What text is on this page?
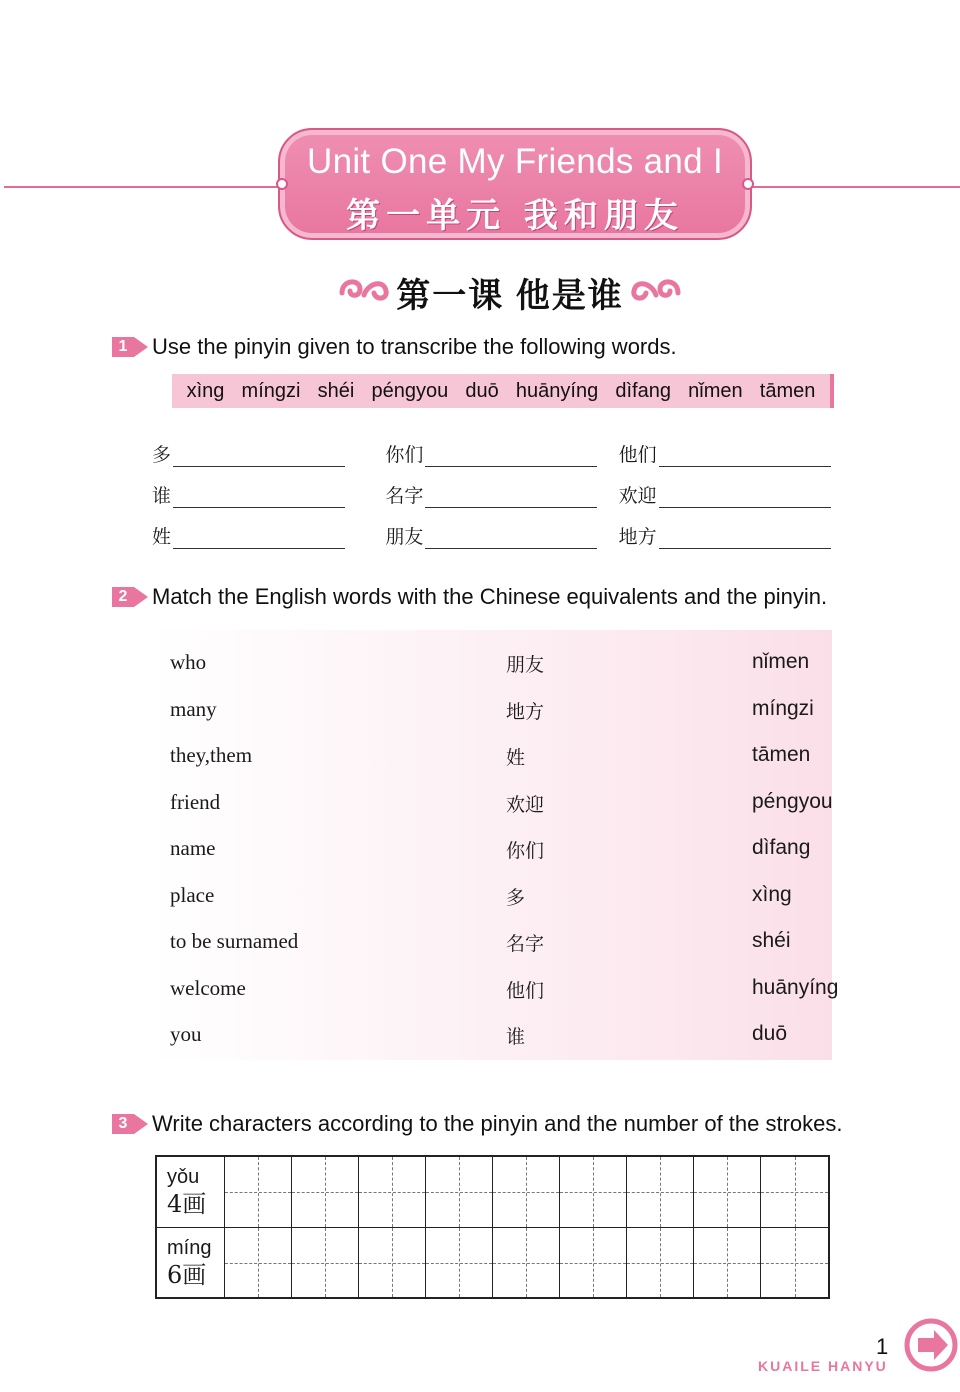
Unit One My Friends and I
第一单元 我和朋友
第一课 他是谁
1 Use the pinyin given to transcribe the following words.
xìng míngzi shéi péngyou duō huānyíng dìfang nǐmen tāmen
多	你们	他们
谁	名字	欢迎
姓	朋友	地方
2 Match the English words with the Chinese equivalents and the pinyin.
who	朋友	nǐmen
many	地方	míngzi
they,them	姓	tāmen
friend	欢迎	péngyou
name	你们	dìfang
place	多	xìng
to be surnamed	名字	shéi
welcome	他们	huānyíng
you	谁	duō
3 Write characters according to the pinyin and the number of the strokes.
yǒu
4画
míng
6画
1
KUAILE HANYU
